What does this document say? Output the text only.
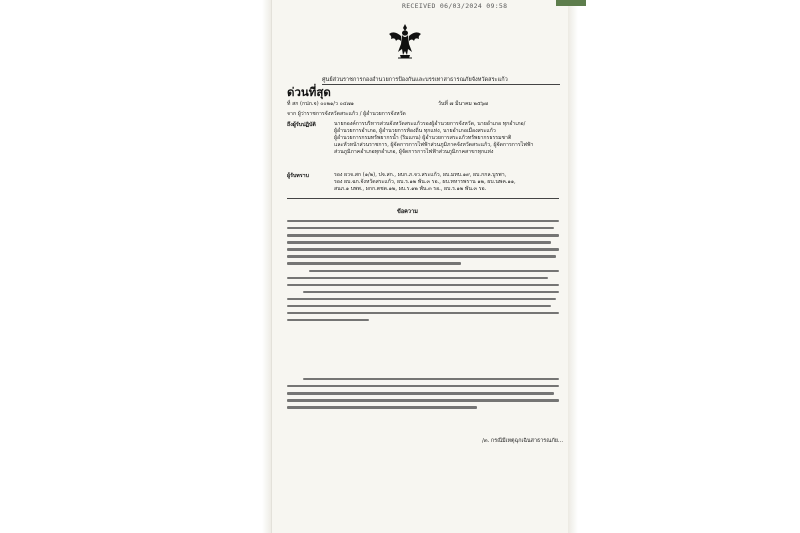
RECEIVED 06/03/2024 09:58
ศูนย์ส่วนราชการกองอำนวยการป้องกันและบรรเทาสาธารณภัยจังหวัดสระแก้ว
ด่วนที่สุด
ที่ สก (กปภ.จ) ๐๐๒๑/ว ๐๔๗๑	วันที่ ๗ มีนาคม ๒๕๖๗
จาก ผู้ว่าราชการจังหวัดสระแก้ว / ผู้อำนวยการจังหวัด
ถึงผู้รับปฏิบัติ	นายกองค์การบริหารส่วนจังหวัดสระแก้วรองผู้อำนวยการจังหวัด, นายอำเภอ ทุกอำเภอ/
ผู้อำนวยการอำเภอ, ผู้อำนวยการท้องถิ่น ทุกแห่ง, นายอำเภอเมืองสระแก้ว
ผู้อำนวยการกรมทรัพยากรน้ำ (ริมแกน) ผู้อำนวยการสระแก้วทรัพยากรธรรมชาติ
และหัวหน้าส่วนราชการ, ผู้จัดการการไฟฟ้าส่วนภูมิภาคจังหวัดสระแก้ว, ผู้จัดการการไฟฟ้า
ส่วนภูมิภาคอำเภอทุกอำเภอ, ผู้จัดการการไฟฟ้าส่วนภูมิภาคสาขาทุกแห่ง
ผู้รับทราบ	รอง ผวจ.สก (๑/๒), ปจ.สก., ผบก.ภ.จว.สระแก้ว, ผบ.มทบ.๑๙, ผบ.กกล.บูรพา,
รอง ผบ.ฉก.จังหวัดสระแก้ว, ผบ.ร.๑๒ พัน.๓ รอ., ผบ.ทหารพราน ๑๒, ผบ.นพค.๑๑,
สนภ.๑ บพพ., ผกก.ตชด.๑๒, ผบ.ร.๑๒ พัน.๓ รอ., ผบ.ร.๑๒ พัน.๓ รอ.
ข้อความ
/๓. กรณีมีเหตุฉุกเฉินสาธารณภัย...
